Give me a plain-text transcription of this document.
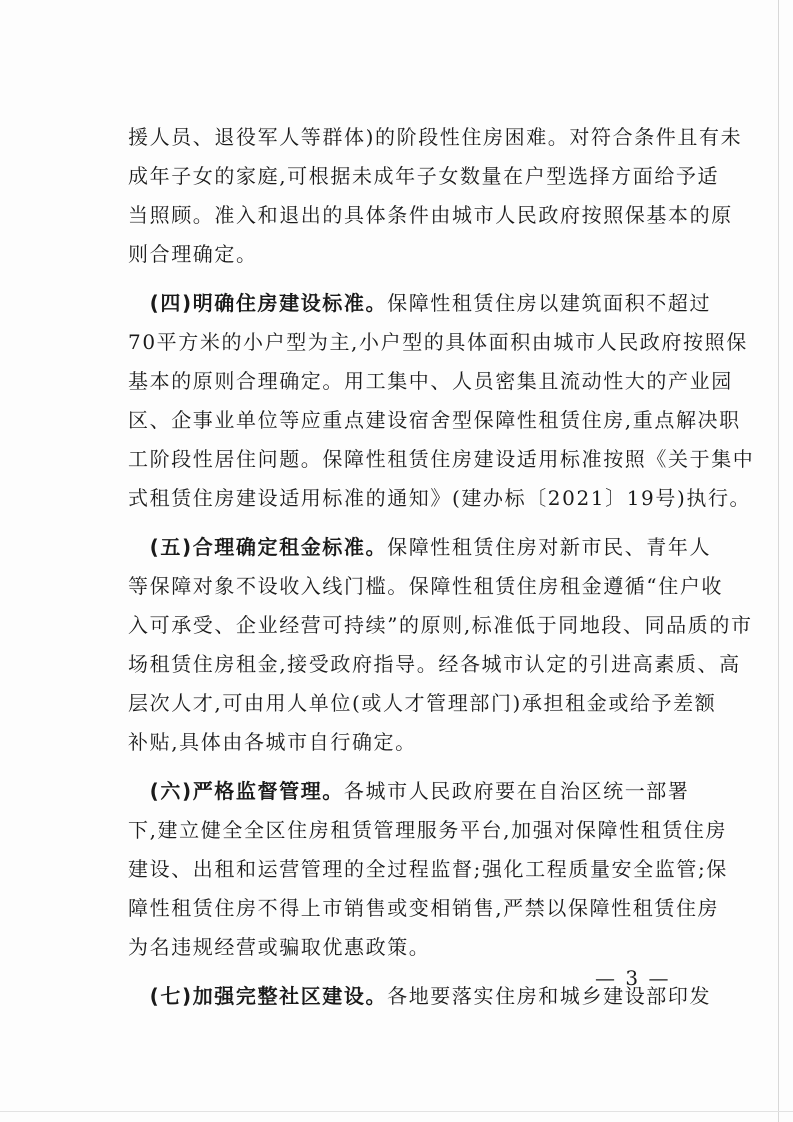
援人员、退役军人等群体)的阶段性住房困难。对符合条件且有未
成年子女的家庭,可根据未成年子女数量在户型选择方面给予适
当照顾。准入和退出的具体条件由城市人民政府按照保基本的原
则合理确定。
 (四)明确住房建设标准。保障性租赁住房以建筑面积不超过
70平方米的小户型为主,小户型的具体面积由城市人民政府按照保
基本的原则合理确定。用工集中、人员密集且流动性大的产业园
区、企事业单位等应重点建设宿舍型保障性租赁住房,重点解决职
工阶段性居住问题。保障性租赁住房建设适用标准按照《关于集中
式租赁住房建设适用标准的通知》(建办标〔2021〕19号)执行。
 (五)合理确定租金标准。保障性租赁住房对新市民、青年人
等保障对象不设收入线门槛。保障性租赁住房租金遵循“住户收
入可承受、企业经营可持续”的原则,标准低于同地段、同品质的市
场租赁住房租金,接受政府指导。经各城市认定的引进高素质、高
层次人才,可由用人单位(或人才管理部门)承担租金或给予差额
补贴,具体由各城市自行确定。
 (六)严格监督管理。各城市人民政府要在自治区统一部署
下,建立健全全区住房租赁管理服务平台,加强对保障性租赁住房
建设、出租和运营管理的全过程监督;强化工程质量安全监管;保
障性租赁住房不得上市销售或变相销售,严禁以保障性租赁住房
为名违规经营或骗取优惠政策。
 (七)加强完整社区建设。各地要落实住房和城乡建设部印发
— 3 —
